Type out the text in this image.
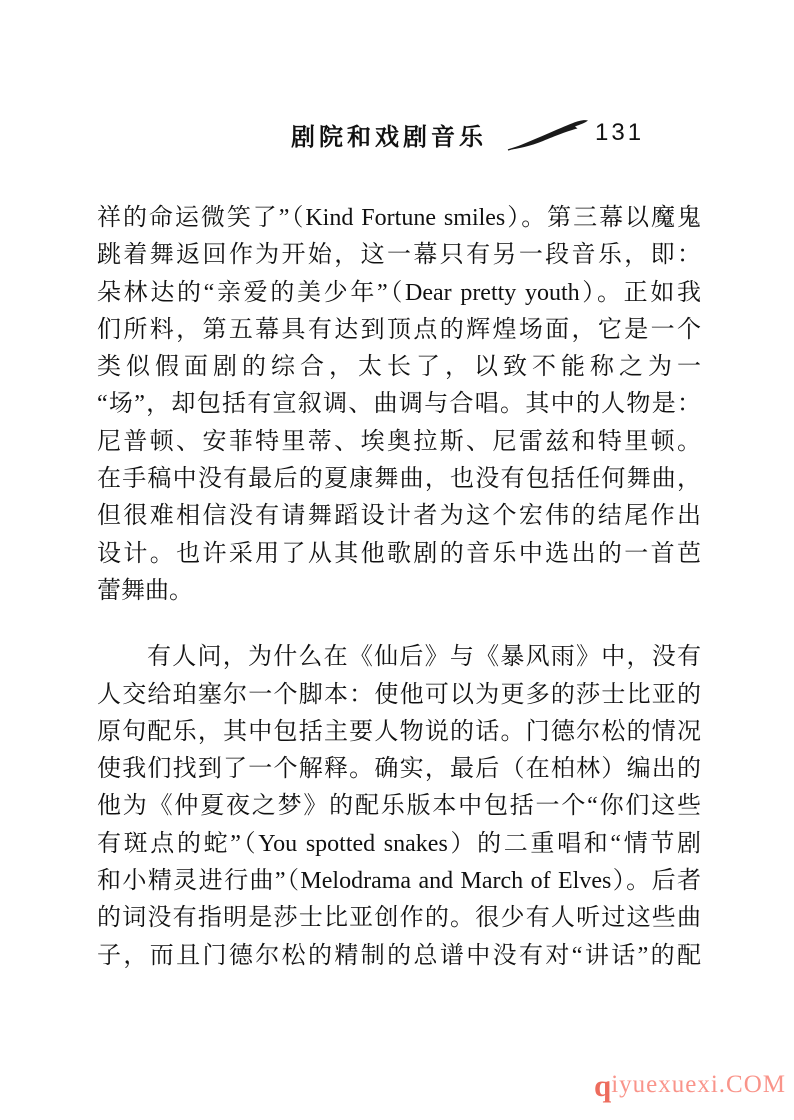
剧院和戏剧音乐	131
祥的命运微笑了”（Kind Fortune smiles）。第三幕以魔鬼
跳着舞返回作为开始，这一幕只有另一段音乐，即：
朵林达的“亲爱的美少年”（Dear pretty youth）。正如我
们所料，第五幕具有达到顶点的辉煌场面，它是一个
类似假面剧的综合，太长了，以致不能称之为一
“场”，却包括有宣叙调、曲调与合唱。其中的人物是：
尼普顿、安菲特里蒂、埃奥拉斯、尼雷兹和特里顿。
在手稿中没有最后的夏康舞曲，也没有包括任何舞曲，
但很难相信没有请舞蹈设计者为这个宏伟的结尾作出
设计。也许采用了从其他歌剧的音乐中选出的一首芭
蕾舞曲。
有人问，为什么在《仙后》与《暴风雨》中，没有
人交给珀塞尔一个脚本：使他可以为更多的莎士比亚的
原句配乐，其中包括主要人物说的话。门德尔松的情况
使我们找到了一个解释。确实，最后（在柏林）编出的
他为《仲夏夜之梦》的配乐版本中包括一个“你们这些
有斑点的蛇”（You spotted snakes）的二重唱和“情节剧
和小精灵进行曲”（Melodrama and March of Elves）。后者
的词没有指明是莎士比亚创作的。很少有人听过这些曲
子，而且门德尔松的精制的总谱中没有对“讲话”的配
qiyuexuexi.COM
